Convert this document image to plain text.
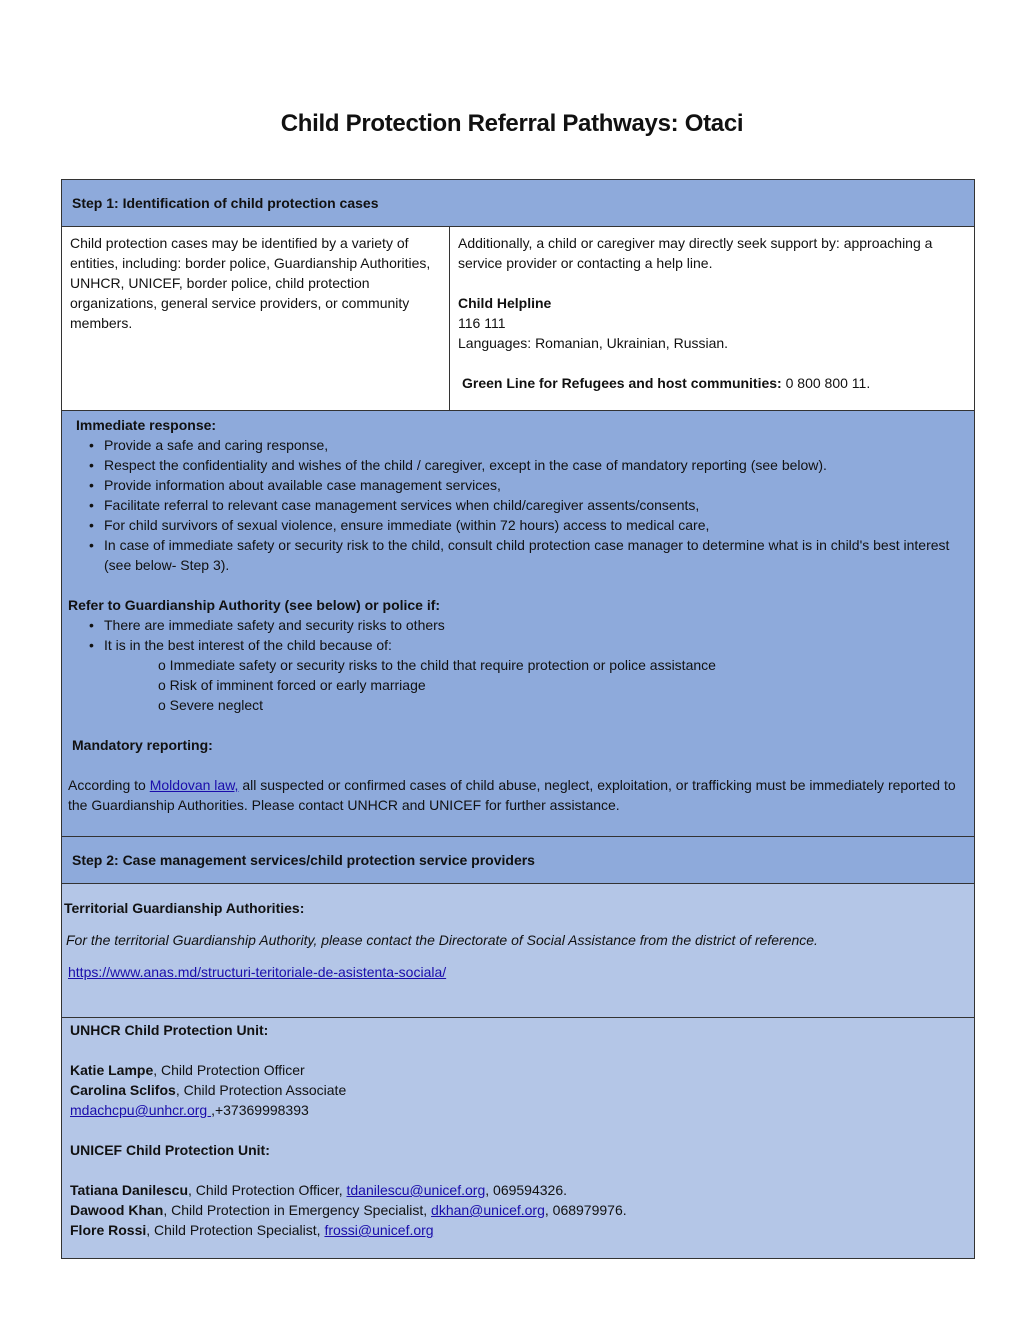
Child Protection Referral Pathways: Otaci
Step 1: Identification of child protection cases
Child protection cases may be identified by a variety of entities, including: border police, Guardianship Authorities, UNHCR, UNICEF, border police, child protection organizations, general service providers, or community members.

Additionally, a child or caregiver may directly seek support by: approaching a service provider or contacting a help line.

Child Helpline

116 111

Languages: Romanian, Ukrainian, Russian.

Green Line for Refugees and host communities: 0 800 800 11.

Immediate response:

• Provide a safe and caring response,
• Respect the confidentiality and wishes of the child / caregiver, except in the case of mandatory reporting (see below).
• Provide information about available case management services,
• Facilitate referral to relevant case management services when child/caregiver assents/consents,
• For child survivors of sexual violence, ensure immediate (within 72 hours) access to medical care,
• In case of immediate safety or security risk to the child, consult child protection case manager to determine what is in child's best interest (see below- Step 3).

Refer to Guardianship Authority (see below) or police if:

• There are immediate safety and security risks to others
• It is in the best interest of the child because of:

o Immediate safety or security risks to the child that require protection or police assistance

o Risk of imminent forced or early marriage

o Severe neglect

Mandatory reporting:

According to Moldovan law, all suspected or confirmed cases of child abuse, neglect, exploitation, or trafficking must be immediately reported to the Guardianship Authorities. Please contact UNHCR and UNICEF for further assistance.

Step 2: Case management services/child protection service providers

Territorial Guardianship Authorities:

For the territorial Guardianship Authority, please contact the Directorate of Social Assistance from the district of reference.

https://www.anas.md/structuri-teritoriale-de-asistenta-sociala/

UNHCR Child Protection Unit:

Katie Lampe, Child Protection Officer

Carolina Sclifos, Child Protection Associate

mdachcpu@unhcr.org ,+37369998393

UNICEF Child Protection Unit:

Tatiana Danilescu, Child Protection Officer, tdanilescu@unicef.org, 069594326.

Dawood Khan, Child Protection in Emergency Specialist, dkhan@unicef.org, 068979976.

Flore Rossi, Child Protection Specialist, frossi@unicef.org
